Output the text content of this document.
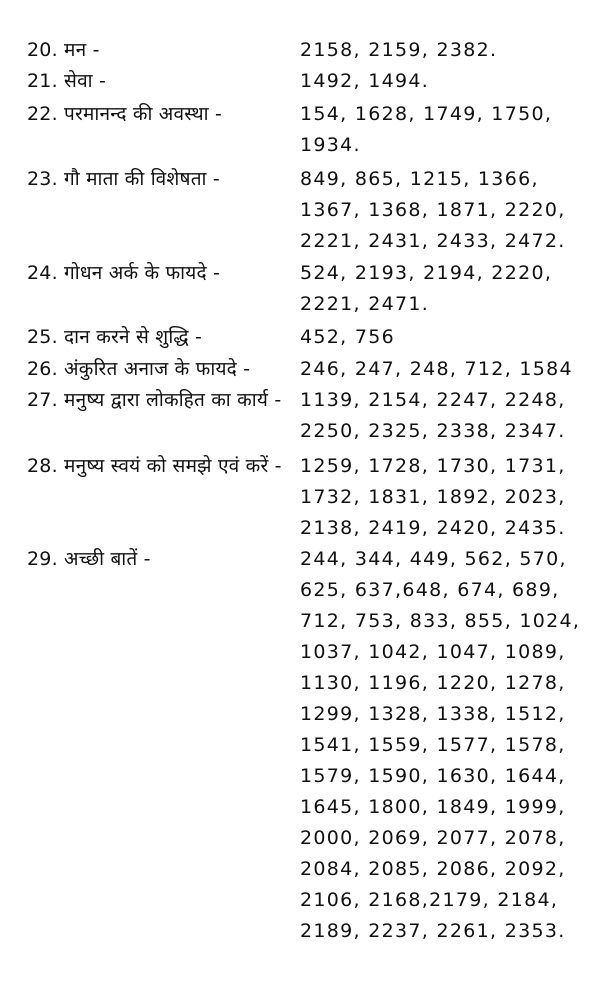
20. मन -	2158, 2159, 2382.
21. सेवा -	1492, 1494.
22. परमानन्द की अवस्था -	154, 1628, 1749, 1750,
1934.
23. गौ माता की विशेषता -	849, 865, 1215, 1366,
1367, 1368, 1871, 2220,
2221, 2431, 2433, 2472.
24. गोधन अर्क के फायदे -	524, 2193, 2194, 2220,
2221, 2471.
25. दान करने से शुद्धि -	452, 756
26. अंकुरित अनाज के फायदे -	246, 247, 248, 712, 1584
27. मनुष्य द्वारा लोकहित का कार्य - 1139, 2154, 2247, 2248,
2250, 2325, 2338, 2347.
28. मनुष्य स्वयं को समझे एवं करें - 1259, 1728, 1730, 1731,
1732, 1831, 1892, 2023,
2138, 2419, 2420, 2435.
29. अच्छी बातें -	244, 344, 449, 562, 570,
625, 637,648, 674, 689,
712, 753, 833, 855, 1024,
1037, 1042, 1047, 1089,
1130, 1196, 1220, 1278,
1299, 1328, 1338, 1512,
1541, 1559, 1577, 1578,
1579, 1590, 1630, 1644,
1645, 1800, 1849, 1999,
2000, 2069, 2077, 2078,
2084, 2085, 2086, 2092,
2106, 2168,2179, 2184,
2189, 2237, 2261, 2353.
